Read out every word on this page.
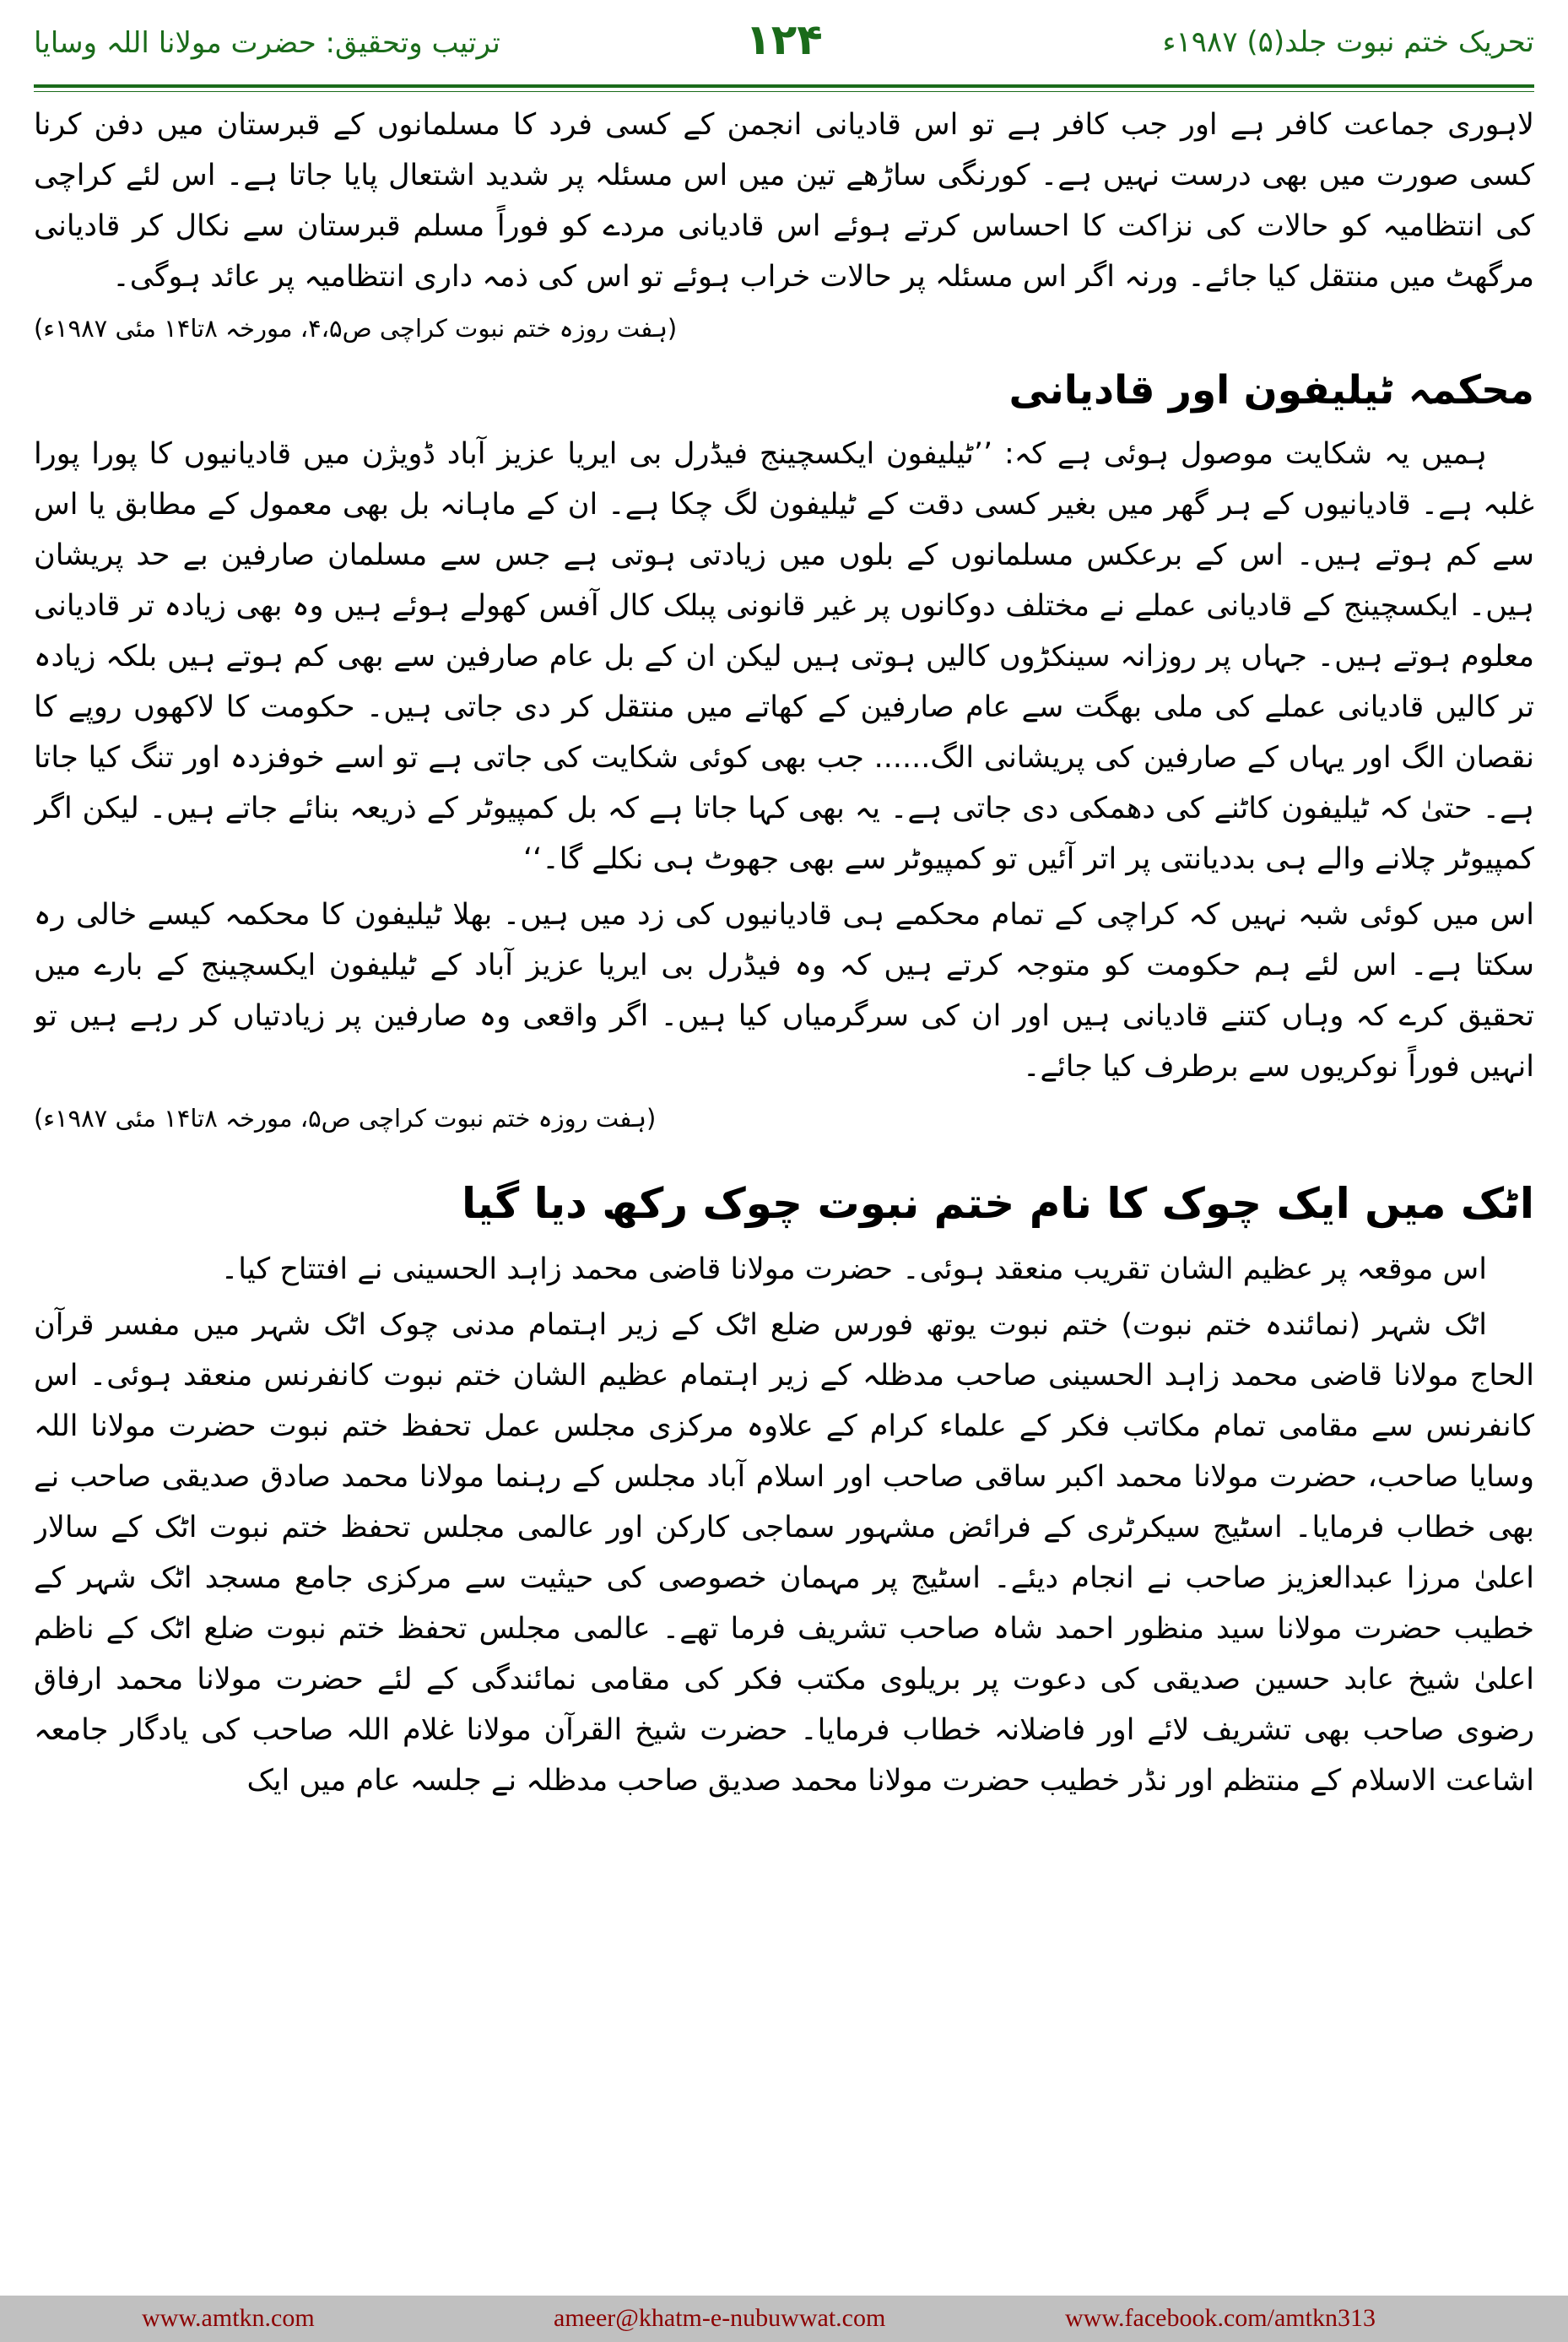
تحریک ختم نبوت جلد(۵) ۱۹۸۷ء
۱۲۴
ترتیب وتحقیق: حضرت مولانا اللہ وسایا

لاہوری جماعت کافر ہے اور جب کافر ہے تو اس قادیانی انجمن کے کسی فرد کا مسلمانوں کے قبرستان میں دفن کرنا کسی صورت میں بھی درست نہیں ہے۔ کورنگی ساڑھے تین میں اس مسئلہ پر شدید اشتعال پایا جاتا ہے۔ اس لئے کراچی کی انتظامیہ کو حالات کی نزاکت کا احساس کرتے ہوئے اس قادیانی مردے کو فوراً مسلم قبرستان سے نکال کر قادیانی مرگھٹ میں منتقل کیا جائے۔ ورنہ اگر اس مسئلہ پر حالات خراب ہوئے تو اس کی ذمہ داری انتظامیہ پر عائد ہوگی۔

(ہفت روزہ ختم نبوت کراچی ص۴،۵، مورخہ ۸تا۱۴ مئی ۱۹۸۷ء)
محکمہ ٹیلیفون اور قادیانی

ہمیں یہ شکایت موصول ہوئی ہے کہ: ’’ٹیلیفون ایکسچینج فیڈرل بی ایریا عزیز آباد ڈویژن میں قادیانیوں کا پورا پورا غلبہ ہے۔ قادیانیوں کے ہر گھر میں بغیر کسی دقت کے ٹیلیفون لگ چکا ہے۔ ان کے ماہانہ بل بھی معمول کے مطابق یا اس سے کم ہوتے ہیں۔ اس کے برعکس مسلمانوں کے بلوں میں زیادتی ہوتی ہے جس سے مسلمان صارفین بے حد پریشان ہیں۔ ایکسچینج کے قادیانی عملے نے مختلف دوکانوں پر غیر قانونی پبلک کال آفس کھولے ہوئے ہیں وہ بھی زیادہ تر قادیانی معلوم ہوتے ہیں۔ جہاں پر روزانہ سینکڑوں کالیں ہوتی ہیں لیکن ان کے بل عام صارفین سے بھی کم ہوتے ہیں بلکہ زیادہ تر کالیں قادیانی عملے کی ملی بھگت سے عام صارفین کے کھاتے میں منتقل کر دی جاتی ہیں۔ حکومت کا لاکھوں روپے کا نقصان الگ اور یہاں کے صارفین کی پریشانی الگ...... جب بھی کوئی شکایت کی جاتی ہے تو اسے خوفزدہ اور تنگ کیا جاتا ہے۔ حتیٰ کہ ٹیلیفون کاٹنے کی دھمکی دی جاتی ہے۔ یہ بھی کہا جاتا ہے کہ بل کمپیوٹر کے ذریعہ بنائے جاتے ہیں۔ لیکن اگر کمپیوٹر چلانے والے ہی بددیانتی پر اتر آئیں تو کمپیوٹر سے بھی جھوٹ ہی نکلے گا۔‘‘

اس میں کوئی شبہ نہیں کہ کراچی کے تمام محکمے ہی قادیانیوں کی زد میں ہیں۔ بھلا ٹیلیفون کا محکمہ کیسے خالی رہ سکتا ہے۔ اس لئے ہم حکومت کو متوجہ کرتے ہیں کہ وہ فیڈرل بی ایریا عزیز آباد کے ٹیلیفون ایکسچینج کے بارے میں تحقیق کرے کہ وہاں کتنے قادیانی ہیں اور ان کی سرگرمیاں کیا ہیں۔ اگر واقعی وہ صارفین پر زیادتیاں کر رہے ہیں تو انہیں فوراً نوکریوں سے برطرف کیا جائے۔

(ہفت روزہ ختم نبوت کراچی ص۵، مورخہ ۸تا۱۴ مئی ۱۹۸۷ء)
اٹک میں ایک چوک کا نام ختم نبوت چوک رکھ دیا گیا

اس موقعہ پر عظیم الشان تقریب منعقد ہوئی۔ حضرت مولانا قاضی محمد زاہد الحسینی نے افتتاح کیا۔

اٹک شہر (نمائندہ ختم نبوت) ختم نبوت یوتھ فورس ضلع اٹک کے زیر اہتمام مدنی چوک اٹک شہر میں مفسر قرآن الحاج مولانا قاضی محمد زاہد الحسینی صاحب مدظلہ کے زیر اہتمام عظیم الشان ختم نبوت کانفرنس منعقد ہوئی۔ اس کانفرنس سے مقامی تمام مکاتب فکر کے علماء کرام کے علاوہ مرکزی مجلس عمل تحفظ ختم نبوت حضرت مولانا اللہ وسایا صاحب، حضرت مولانا محمد اکبر ساقی صاحب اور اسلام آباد مجلس کے رہنما مولانا محمد صادق صدیقی صاحب نے بھی خطاب فرمایا۔ اسٹیج سیکرٹری کے فرائض مشہور سماجی کارکن اور عالمی مجلس تحفظ ختم نبوت اٹک کے سالار اعلیٰ مرزا عبدالعزیز صاحب نے انجام دیئے۔ اسٹیج پر مہمان خصوصی کی حیثیت سے مرکزی جامع مسجد اٹک شہر کے خطیب حضرت مولانا سید منظور احمد شاہ صاحب تشریف فرما تھے۔ عالمی مجلس تحفظ ختم نبوت ضلع اٹک کے ناظم اعلیٰ شیخ عابد حسین صدیقی کی دعوت پر بریلوی مکتب فکر کی مقامی نمائندگی کے لئے حضرت مولانا محمد ارفاق رضوی صاحب بھی تشریف لائے اور فاضلانہ خطاب فرمایا۔ حضرت شیخ القرآن مولانا غلام اللہ صاحب کی یادگار جامعہ اشاعت الاسلام کے منتظم اور نڈر خطیب حضرت مولانا محمد صدیق صاحب مدظلہ نے جلسہ عام میں ایک

www.amtkn.com	ameer@khatm-e-nubuwwat.com	www.facebook.com/amtkn313
